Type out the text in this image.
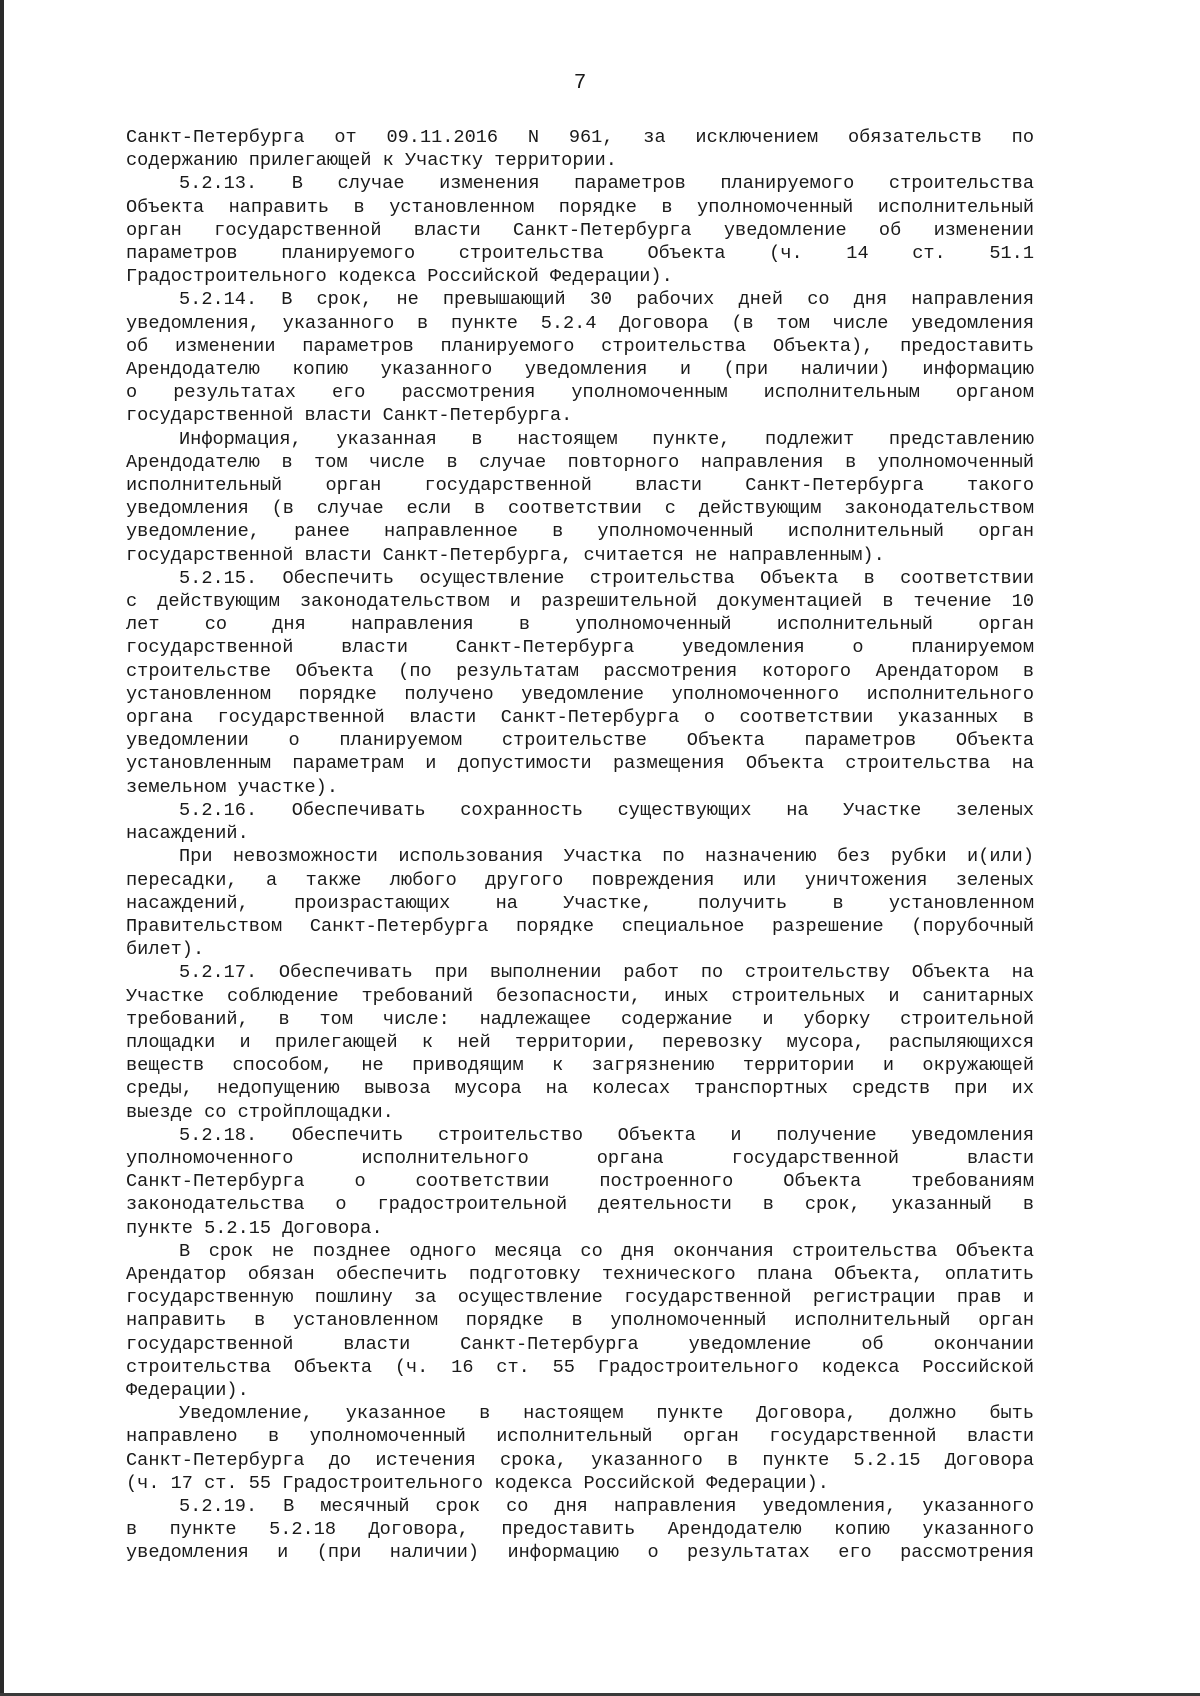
7

Санкт-Петербурга от 09.11.2016 N 961, за исключением обязательств по
содержанию прилегающей к Участку территории.

5.2.13. В случае изменения параметров планируемого строительства
Объекта направить в установленном порядке в уполномоченный исполнительный
орган государственной власти Санкт-Петербурга уведомление об изменении
параметров планируемого строительства Объекта (ч. 14 ст. 51.1
Градостроительного кодекса Российской Федерации).

5.2.14. В срок, не превышающий 30 рабочих дней со дня направления
уведомления, указанного в пункте 5.2.4 Договора (в том числе уведомления
об изменении параметров планируемого строительства Объекта), предоставить
Арендодателю копию указанного уведомления и (при наличии) информацию
о результатах его рассмотрения уполномоченным исполнительным органом
государственной власти Санкт-Петербурга.

Информация, указанная в настоящем пункте, подлежит представлению
Арендодателю в том числе в случае повторного направления в уполномоченный
исполнительный орган государственной власти Санкт-Петербурга такого
уведомления (в случае если в соответствии с действующим законодательством
уведомление, ранее направленное в уполномоченный исполнительный орган
государственной власти Санкт-Петербурга, считается не направленным).

5.2.15. Обеспечить осуществление строительства Объекта в соответствии
с действующим законодательством и разрешительной документацией в течение 10
лет со дня направления в уполномоченный исполнительный орган
государственной власти Санкт-Петербурга уведомления о планируемом
строительстве Объекта (по результатам рассмотрения которого Арендатором в
установленном порядке получено уведомление уполномоченного исполнительного
органа государственной власти Санкт-Петербурга о соответствии указанных в
уведомлении о планируемом строительстве Объекта параметров Объекта
установленным параметрам и допустимости размещения Объекта строительства на
земельном участке).

5.2.16. Обеспечивать сохранность существующих на Участке зеленых
насаждений.

При невозможности использования Участка по назначению без рубки и(или)
пересадки, а также любого другого повреждения или уничтожения зеленых
насаждений, произрастающих на Участке, получить в установленном
Правительством Санкт-Петербурга порядке специальное разрешение (порубочный
билет).

5.2.17. Обеспечивать при выполнении работ по строительству Объекта на
Участке соблюдение требований безопасности, иных строительных и санитарных
требований, в том числе: надлежащее содержание и уборку строительной
площадки и прилегающей к ней территории, перевозку мусора, распыляющихся
веществ способом, не приводящим к загрязнению территории и окружающей
среды, недопущению вывоза мусора на колесах транспортных средств при их
выезде со стройплощадки.

5.2.18. Обеспечить строительство Объекта и получение уведомления
уполномоченного исполнительного органа государственной власти
Санкт-Петербурга о соответствии построенного Объекта требованиям
законодательства о градостроительной деятельности в срок, указанный в
пункте 5.2.15 Договора.

В срок не позднее одного месяца со дня окончания строительства Объекта
Арендатор обязан обеспечить подготовку технического плана Объекта, оплатить
государственную пошлину за осуществление государственной регистрации прав и
направить в установленном порядке в уполномоченный исполнительный орган
государственной власти Санкт-Петербурга уведомление об окончании
строительства Объекта (ч. 16 ст. 55 Градостроительного кодекса Российской
Федерации).

Уведомление, указанное в настоящем пункте Договора, должно быть
направлено в уполномоченный исполнительный орган государственной власти
Санкт-Петербурга до истечения срока, указанного в пункте 5.2.15 Договора
(ч. 17 ст. 55 Градостроительного кодекса Российской Федерации).

5.2.19. В месячный срок со дня направления уведомления, указанного
в пункте 5.2.18 Договора, предоставить Арендодателю копию указанного
уведомления и (при наличии) информацию о результатах его рассмотрения
